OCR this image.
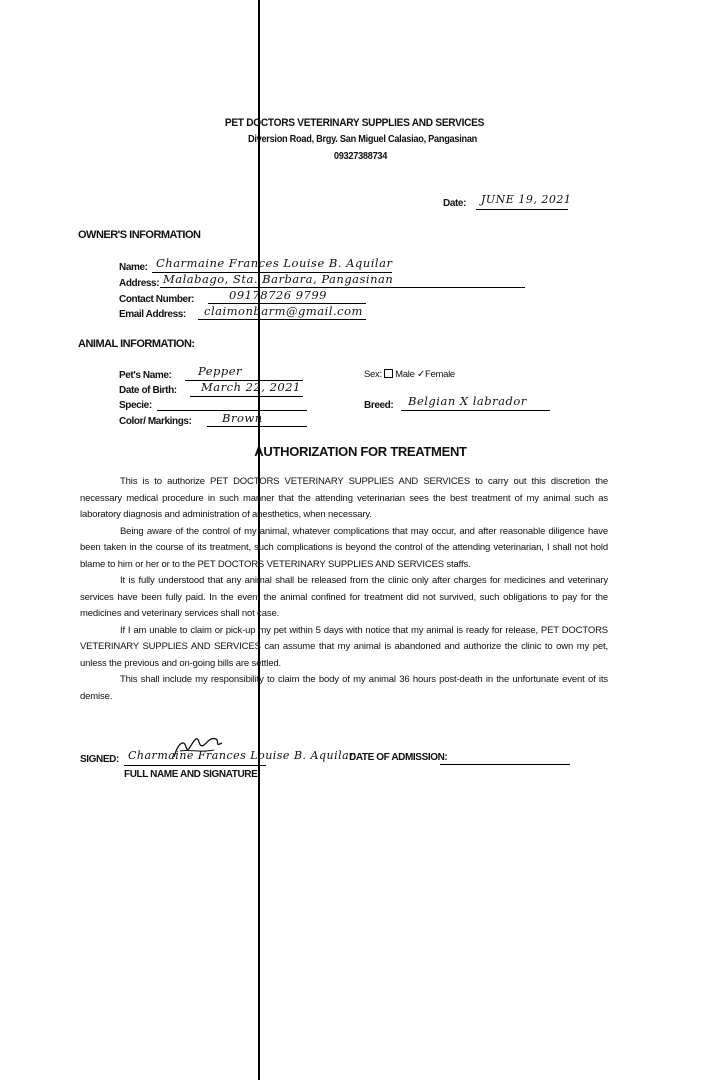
PET DOCTORS VETERINARY SUPPLIES AND SERVICES
Diversion Road, Brgy. San Miguel Calasiao, Pangasinan
09327388734
Date: JUNE 19, 2021
OWNER'S INFORMATION
Name: Charmaine Frances Louise B. Aquilar
Address: Malabago, Sta. Barbara, Pangasinan
Contact Number:	09178726 9799
Email Address: claimonbarm@gmail.com
ANIMAL INFORMATION:
Pet's Name: Pepper
Date of Birth: March 22, 2021
Specie:
Color/ Markings:	Brown
Sex: Male ✓Female
Breed: Belgian X labrador
AUTHORIZATION FOR TREATMENT

This is to authorize PET DOCTORS VETERINARY SUPPLIES AND SERVICES to carry out this discretion the necessary medical procedure in such manner that the attending veterinarian sees the best treatment of my animal such as laboratory diagnosis and administration of anesthetics, when necessary.

Being aware of the control of my animal, whatever complications that may occur, and after reasonable diligence have been taken in the course of its treatment, such complications is beyond the control of the attending veterinarian, I shall not hold blame to him or her or to the PET DOCTORS VETERINARY SUPPLIES AND SERVICES staffs.

It is fully understood that any animal shall be released from the clinic only after charges for medicines and veterinary services have been fully paid. In the event the animal confined for treatment did not survived, such obligations to pay for the medicines and veterinary services shall not case.

If I am unable to claim or pick-up my pet within 5 days with notice that my animal is ready for release, PET DOCTORS VETERINARY SUPPLIES AND SERVICES can assume that my animal is abandoned and authorize the clinic to own my pet, unless the previous and on-going bills are settled.

This shall include my responsibility to claim the body of my animal 36 hours post-death in the unfortunate event of its demise.

SIGNED: Charmaine Frances Louise B. Aquilar
FULL NAME AND SIGNATURE
DATE OF ADMISSION:
